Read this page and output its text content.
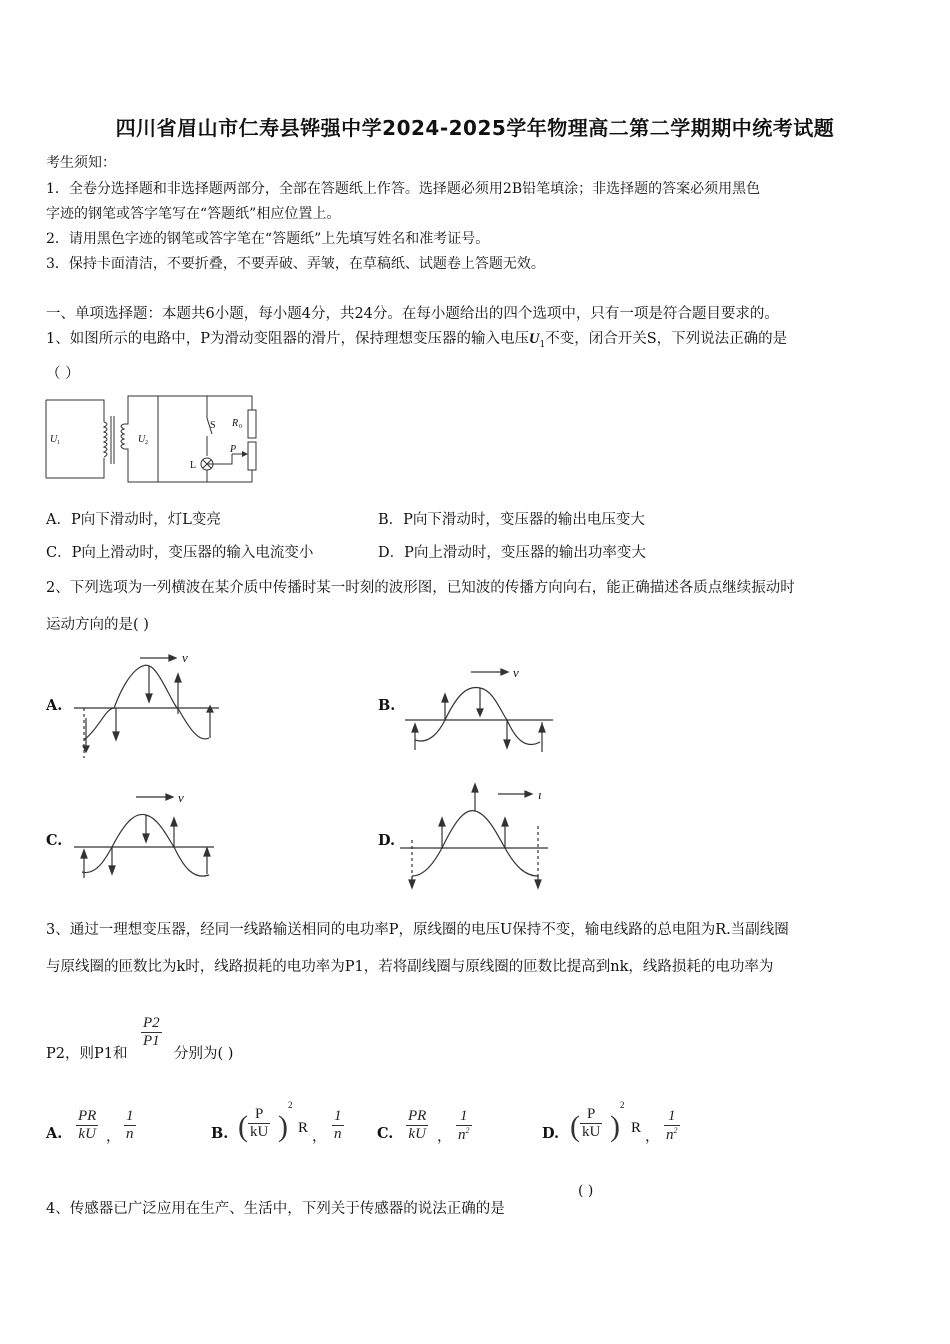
四川省眉山市仁寿县铧强中学2024-2025学年物理高二第二学期期中统考试题
考生须知：
1．全卷分选择题和非选择题两部分，全部在答题纸上作答。选择题必须用2B铅笔填涂；非选择题的答案必须用黑色
字迹的钢笔或答字笔写在“答题纸”相应位置上。
2．请用黑色字迹的钢笔或答字笔在“答题纸”上先填写姓名和准考证号。
3．保持卡面清洁，不要折叠，不要弄破、弄皱，在草稿纸、试题卷上答题无效。
一、单项选择题：本题共6小题，每小题4分，共24分。在每小题给出的四个选项中，只有一项是符合题目要求的。
1、如图所示的电路中，P为滑动变阻器的滑片，保持理想变压器的输入电压$U_1$不变，闭合开关S，下列说法正确的是
（ ）
U 1	U 2
S R 0
P
L
A．P向下滑动时，灯L变亮	B．P向下滑动时，变压器的输出电压变大
C．P向上滑动时，变压器的输入电流变小	D．P向上滑动时，变压器的输出功率变大
2、下列选项为一列横波在某介质中传播时某一时刻的波形图，已知波的传播方向向右，能正确描述各质点继续振动时
运动方向的是( )
A.
v
B.
v
C.
v
D.
ı
3、通过一理想变压器，经同一线路输送相同的电功率P，原线圈的电压U保持不变，输电线路的总电阻为R.当副线圈
与原线圈的匝数比为k时，线路损耗的电功率为P1，若将副线圈与原线圈的匝数比提高到nk，线路损耗的电功率为
P2，则P1和
$\frac{P2}{P1}$
分别为( )
A. $\frac{PR}{kU}$ ， $\frac{1}{n}$	B. ( $\frac{P}{kU}$ )
2
R
， $\frac{1}{n} C$. $\frac{PR}{kU}$ ， $\frac{1}{n^2}$	D. ( $\frac{P}{kU}$ )
2
R
， $\frac{1}{n^2}$
4、传感器已广泛应用在生产、生活中，下列关于传感器的说法正确的是
( )
